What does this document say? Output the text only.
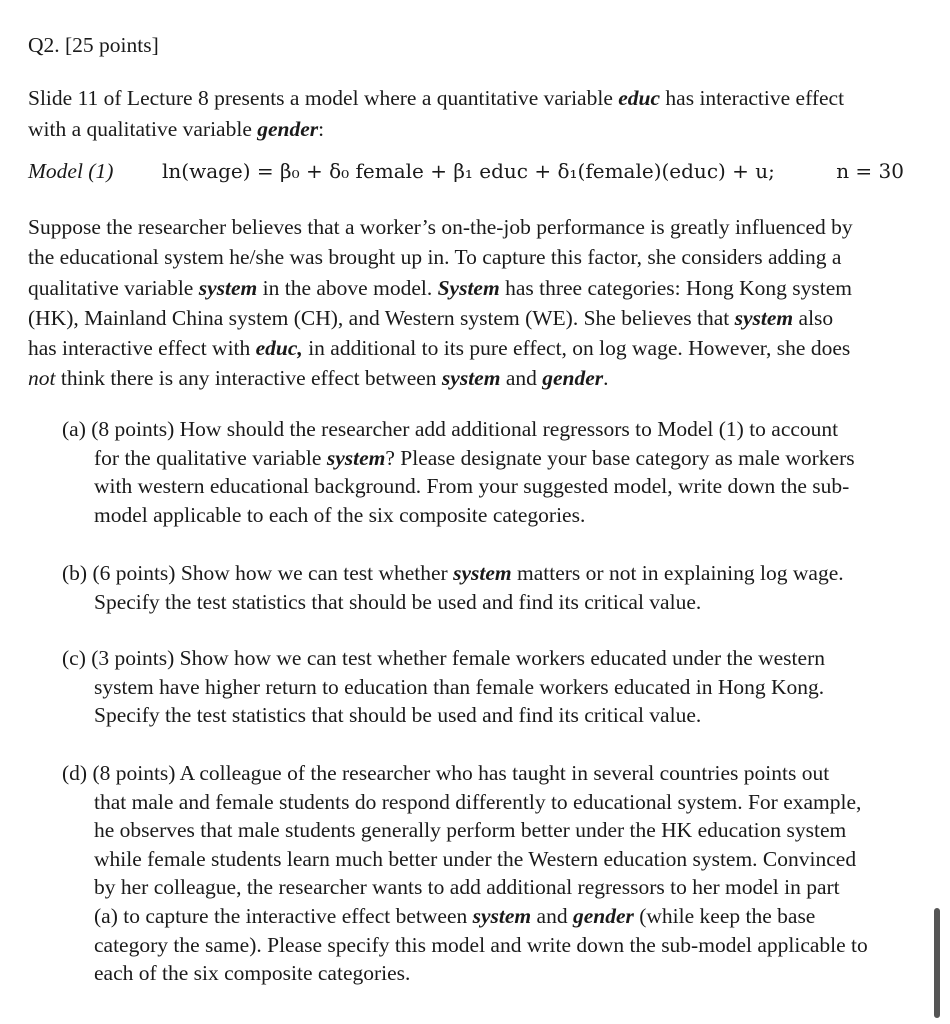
Q2. [25 points]
Slide 11 of Lecture 8 presents a model where a quantitative variable educ has interactive effect
with a qualitative variable gender:
Model (1) ln(wage) = β₀ + δ₀ female + β₁ educ + δ₁(female)(educ) + u;	n = 30
Suppose the researcher believes that a worker’s on-the-job performance is greatly influenced by
the educational system he/she was brought up in. To capture this factor, she considers adding a
qualitative variable system in the above model. System has three categories: Hong Kong system
(HK), Mainland China system (CH), and Western system (WE). She believes that system also
has interactive effect with educ, in additional to its pure effect, on log wage. However, she does
not think there is any interactive effect between system and gender.
(a) (8 points) How should the researcher add additional regressors to Model (1) to account
for the qualitative variable system? Please designate your base category as male workers
with western educational background. From your suggested model, write down the sub-
model applicable to each of the six composite categories.
(b) (6 points) Show how we can test whether system matters or not in explaining log wage.
Specify the test statistics that should be used and find its critical value.
(c) (3 points) Show how we can test whether female workers educated under the western
system have higher return to education than female workers educated in Hong Kong.
Specify the test statistics that should be used and find its critical value.
(d) (8 points) A colleague of the researcher who has taught in several countries points out
that male and female students do respond differently to educational system. For example,
he observes that male students generally perform better under the HK education system
while female students learn much better under the Western education system. Convinced
by her colleague, the researcher wants to add additional regressors to her model in part
(a) to capture the interactive effect between system and gender (while keep the base
category the same). Please specify this model and write down the sub-model applicable to
each of the six composite categories.
